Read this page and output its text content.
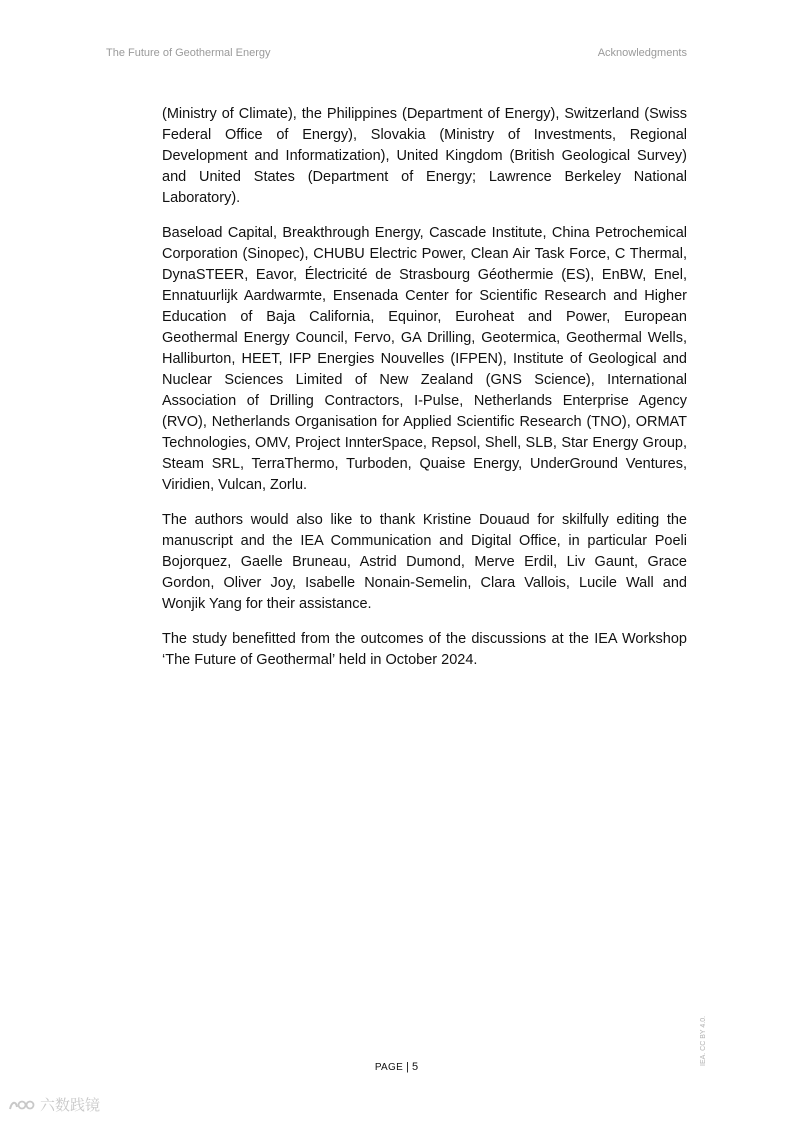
The Future of Geothermal Energy	Acknowledgments

(Ministry of Climate), the Philippines (Department of Energy), Switzerland (Swiss Federal Office of Energy), Slovakia (Ministry of Investments, Regional Development and Informatization), United Kingdom (British Geological Survey) and United States (Department of Energy; Lawrence Berkeley National Laboratory).

Baseload Capital, Breakthrough Energy, Cascade Institute, China Petrochemical Corporation (Sinopec), CHUBU Electric Power, Clean Air Task Force, C Thermal, DynaSTEER, Eavor, Électricité de Strasbourg Géothermie (ES), EnBW, Enel, Ennatuurlijk Aardwarmte, Ensenada Center for Scientific Research and Higher Education of Baja California, Equinor, Euroheat and Power, European Geothermal Energy Council, Fervo, GA Drilling, Geotermica, Geothermal Wells, Halliburton, HEET, IFP Energies Nouvelles (IFPEN), Institute of Geological and Nuclear Sciences Limited of New Zealand (GNS Science), International Association of Drilling Contractors, I-Pulse, Netherlands Enterprise Agency (RVO), Netherlands Organisation for Applied Scientific Research (TNO), ORMAT Technologies, OMV, Project InnterSpace, Repsol, Shell, SLB, Star Energy Group, Steam SRL, TerraThermo, Turboden, Quaise Energy, UnderGround Ventures, Viridien, Vulcan, Zorlu.

The authors would also like to thank Kristine Douaud for skilfully editing the manuscript and the IEA Communication and Digital Office, in particular Poeli Bojorquez, Gaelle Bruneau, Astrid Dumond, Merve Erdil, Liv Gaunt, Grace Gordon, Oliver Joy, Isabelle Nonain-Semelin, Clara Vallois, Lucile Wall and Wonjik Yang for their assistance.

The study benefitted from the outcomes of the discussions at the IEA Workshop ‘The Future of Geothermal’ held in October 2024.

PAGE | 5
IEA. CC BY 4.0.
六数践镜
